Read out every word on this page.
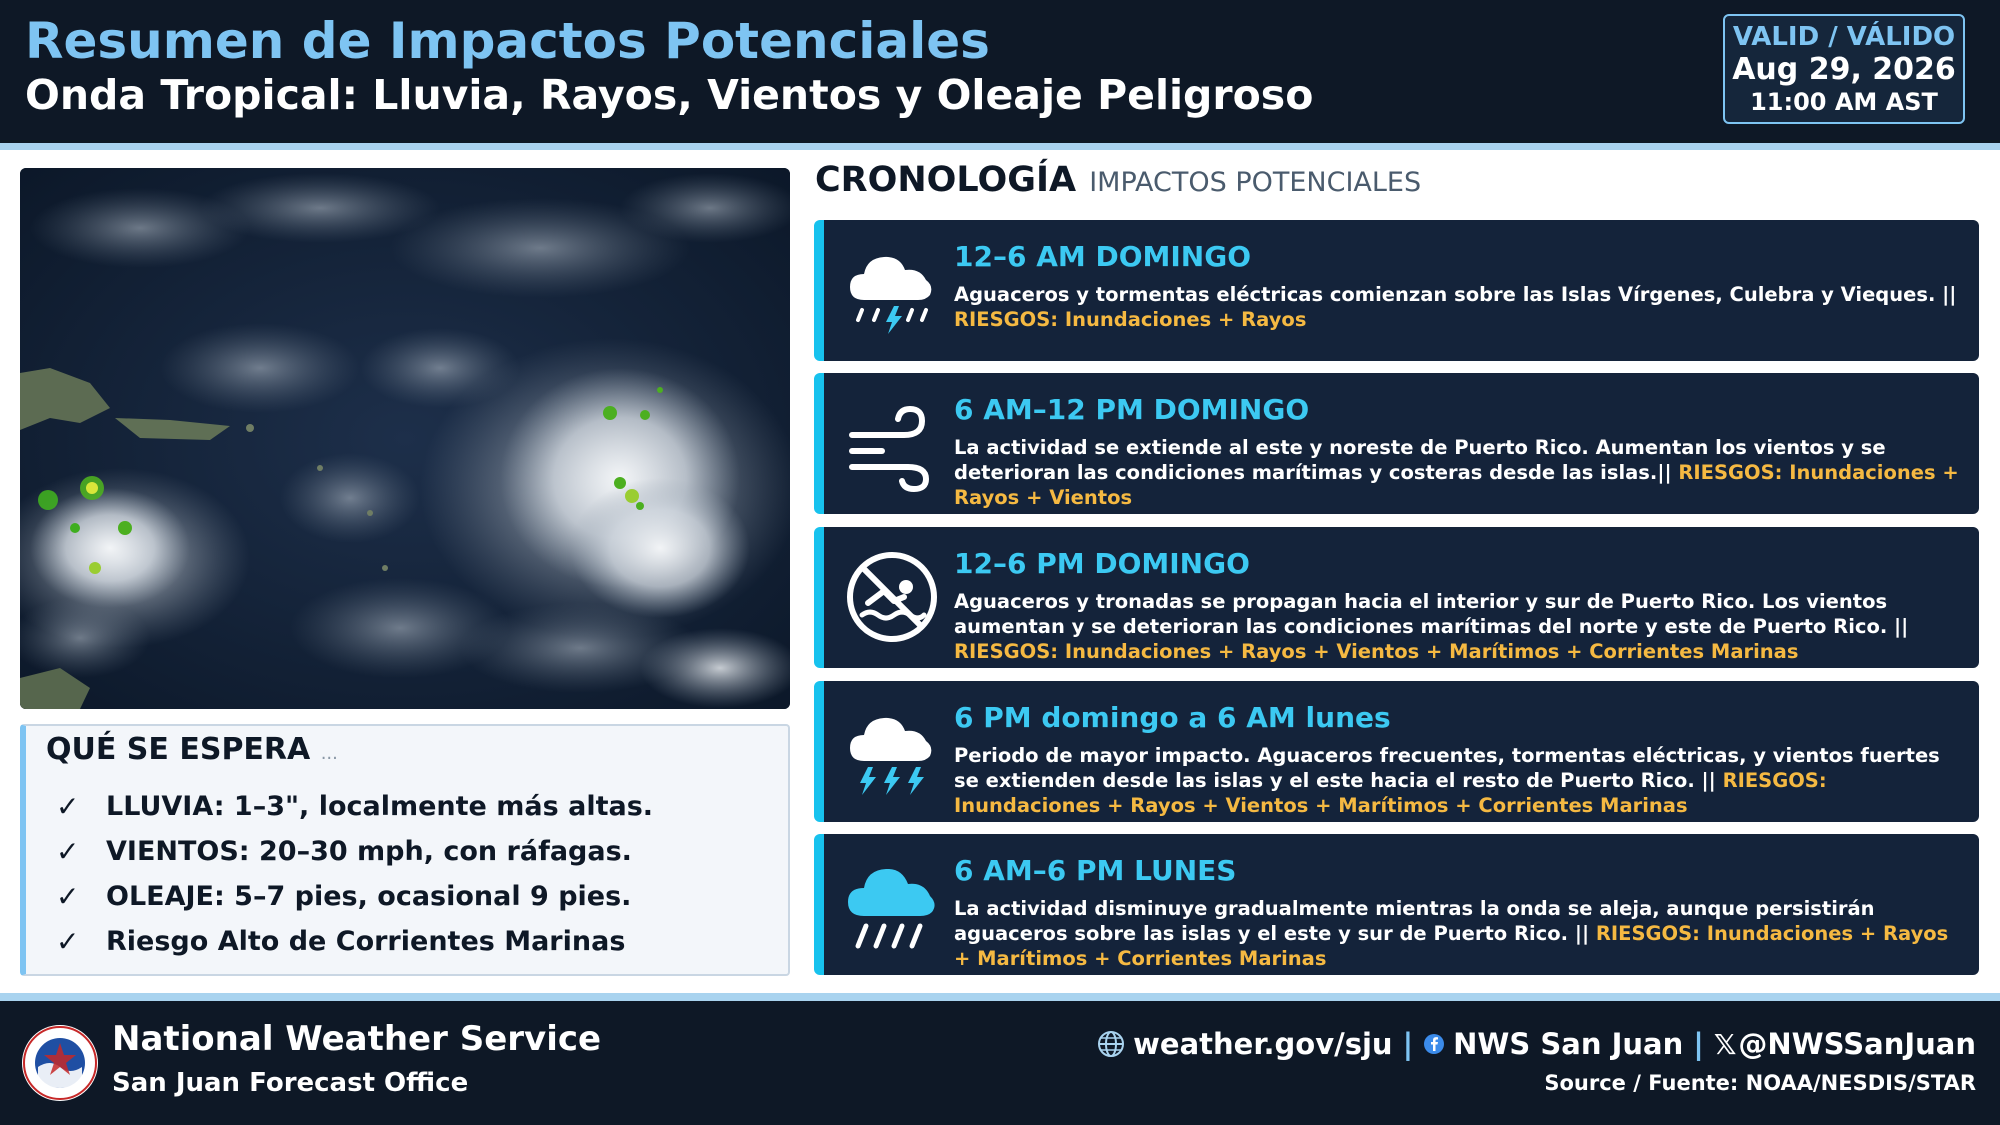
Resumen de Impactos Potenciales
Onda Tropical: Lluvia, Rayos, Vientos y Oleaje Peligroso
VALID / VÁLIDO
Aug 29, 2026
11:00 AM AST
QUÉ SE ESPERA ...
✓ LLUVIA: 1–3", localmente más altas.
✓ VIENTOS: 20–30 mph, con ráfagas.
✓ OLEAJE: 5–7 pies, ocasional 9 pies.
✓ Riesgo Alto de Corrientes Marinas
CRONOLOGÍA IMPACTOS POTENCIALES
12–6 AM DOMINGO
Aguaceros y tormentas eléctricas comienzan sobre las Islas Vírgenes, Culebra y Vieques. || RIESGOS: Inundaciones + Rayos
6 AM–12 PM DOMINGO
La actividad se extiende al este y noreste de Puerto Rico. Aumentan los vientos y se deterioran las condiciones marítimas y costeras desde las islas.|| RIESGOS: Inundaciones + Rayos + Vientos
12–6 PM DOMINGO
Aguaceros y tronadas se propagan hacia el interior y sur de Puerto Rico. Los vientos aumentan y se deterioran las condiciones marítimas del norte y este de Puerto Rico. || RIESGOS: Inundaciones + Rayos + Vientos + Marítimos + Corrientes Marinas
6 PM domingo a 6 AM lunes
Periodo de mayor impacto. Aguaceros frecuentes, tormentas eléctricas, y vientos fuertes se extienden desde las islas y el este hacia el resto de Puerto Rico. || RIESGOS: Inundaciones + Rayos + Vientos + Marítimos + Corrientes Marinas
6 AM–6 PM LUNES
La actividad disminuye gradualmente mientras la onda se aleja, aunque persistirán aguaceros sobre las islas y el este y sur de Puerto Rico. || RIESGOS: Inundaciones + Rayos + Marítimos + Corrientes Marinas
National Weather Service
San Juan Forecast Office
weather.gov/sju | NWS San Juan | 𝕏 @NWSSanJuan
Source / Fuente: NOAA/NESDIS/STAR
